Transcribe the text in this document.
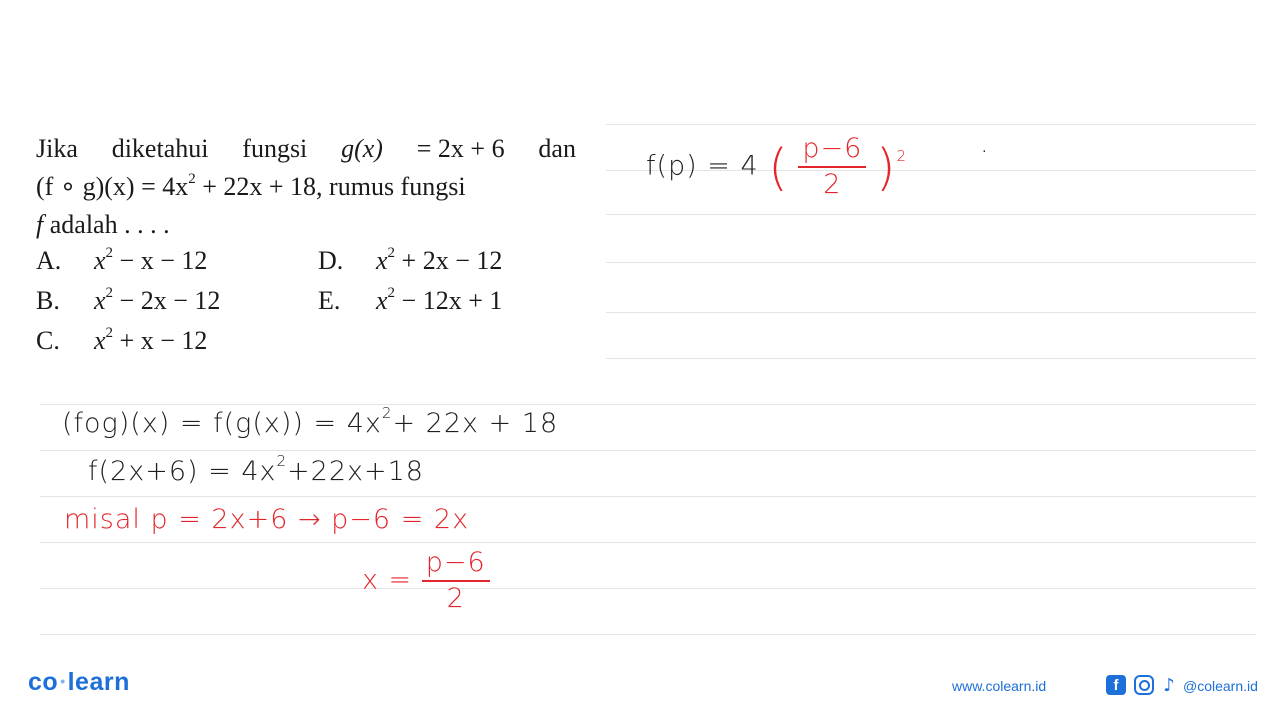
Jika diketahui fungsi g(x) = 2x + 6 dan
(f ∘ $g)(x) = 4x^2 + 22x + 18$, rumus fungsi
f adalah . . . .
A. $x^2 - x - 12$
B. $x^2 - 2x - 12$
C. $x^2 + x - 12$
D. $x^2 + 2x - 12$
E. $x^2 - 12x + 1$
$(fog)(x) = f(g(x)) = 4x^2+ 22x + 18$
$f(2x+6) = 4x^2+22x+18$
misal p = 2x+6 → p−6 = 2x
$x = \frac{p-6}{2}$
f(p) = 4 ( $\frac{p-6}{2} )^2$	.
co •learn	www.colearn.id	f ♪ @colearn.id
